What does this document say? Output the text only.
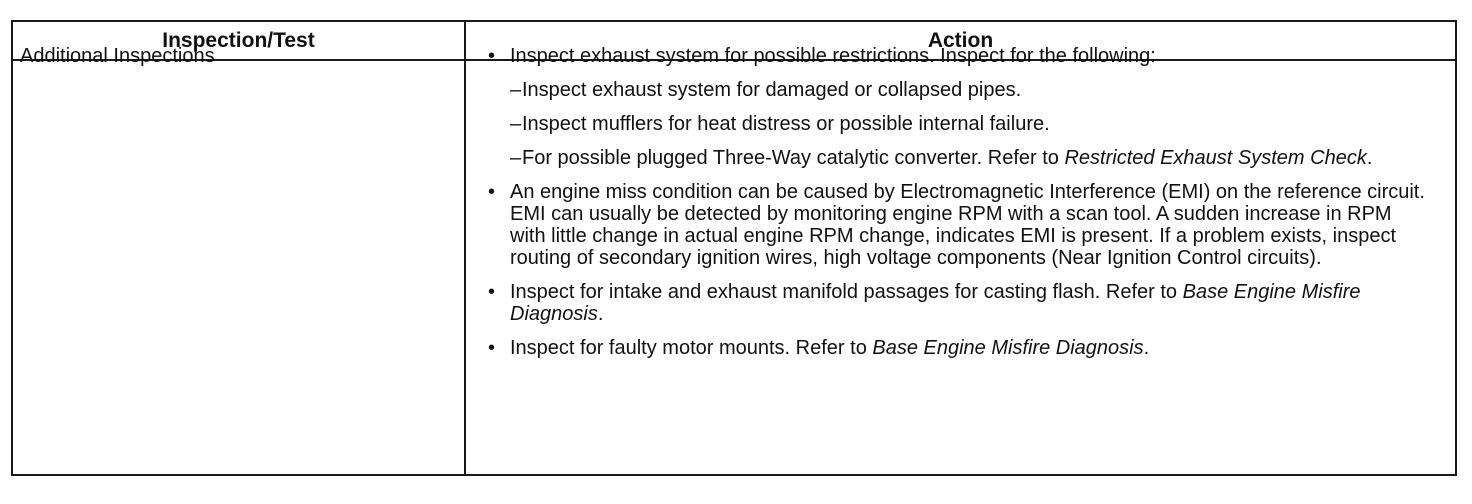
Inspection/Test	Action
Additional Inspections	• Inspect exhaust system for possible restrictions. Inspect for the following:
– Inspect exhaust system for damaged or collapsed pipes.
– Inspect mufflers for heat distress or possible internal failure.
– For possible plugged Three-Way catalytic converter. Refer to Restricted Exhaust System Check.
• An engine miss condition can be caused by Electromagnetic Interference (EMI) on the reference circuit. EMI can usually be detected by monitoring engine RPM with a scan tool. A sudden increase in RPM with little change in actual engine RPM change, indicates EMI is present. If a problem exists, inspect routing of secondary ignition wires, high voltage components (Near Ignition Control circuits).
• Inspect for intake and exhaust manifold passages for casting flash. Refer to Base Engine Misfire Diagnosis.
• Inspect for faulty motor mounts. Refer to Base Engine Misfire Diagnosis.
